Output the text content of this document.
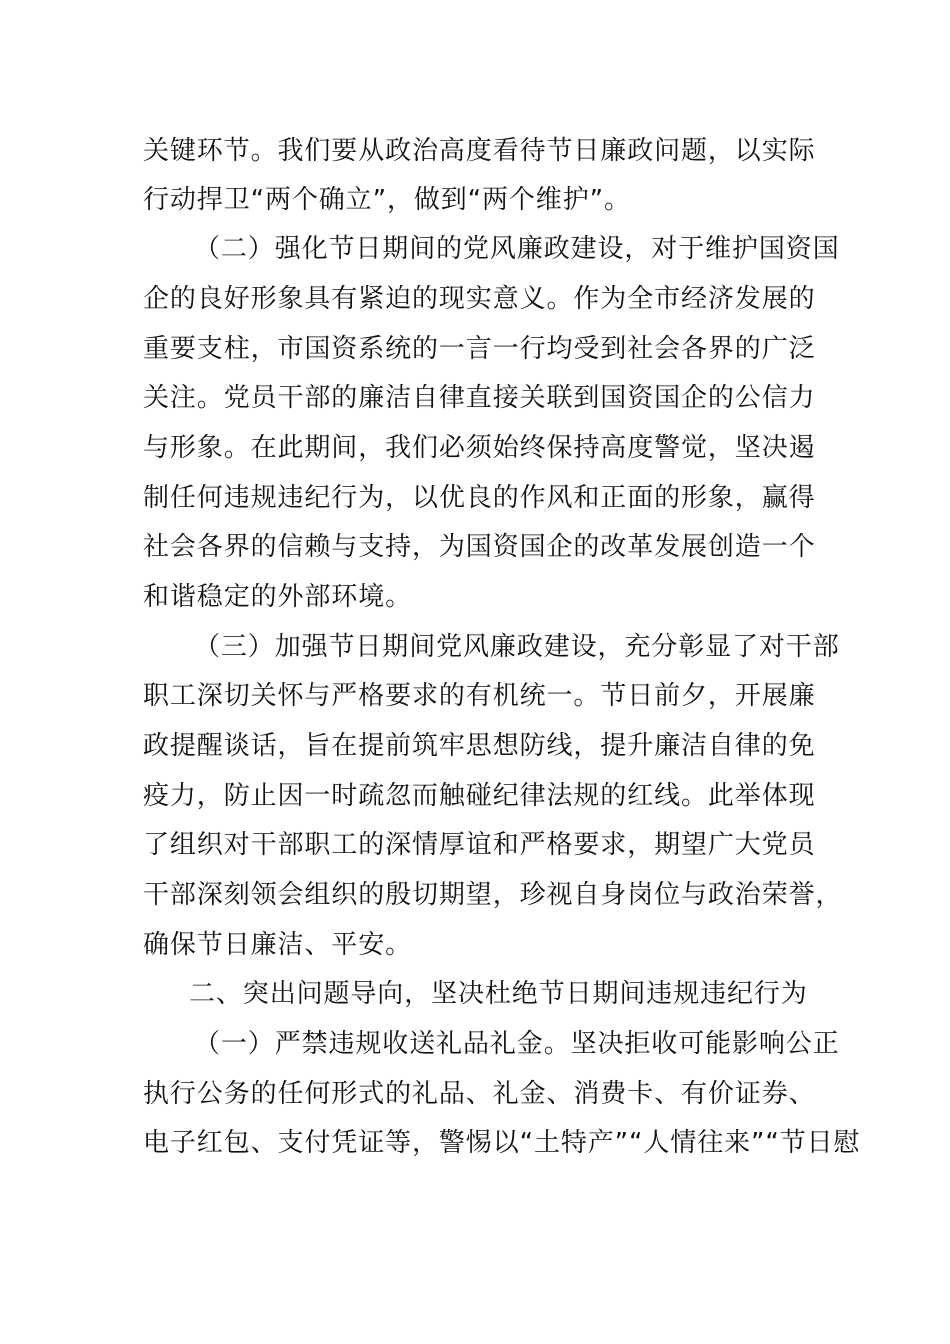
关键环节。我们要从政治高度看待节日廉政问题，以实际
行动捍卫“两个确立”，做到“两个维护”。
（二）强化节日期间的党风廉政建设，对于维护国资国
企的良好形象具有紧迫的现实意义。作为全市经济发展的
重要支柱，市国资系统的一言一行均受到社会各界的广泛
关注。党员干部的廉洁自律直接关联到国资国企的公信力
与形象。在此期间，我们必须始终保持高度警觉，坚决遏
制任何违规违纪行为，以优良的作风和正面的形象，赢得
社会各界的信赖与支持，为国资国企的改革发展创造一个
和谐稳定的外部环境。
（三）加强节日期间党风廉政建设，充分彰显了对干部
职工深切关怀与严格要求的有机统一。节日前夕，开展廉
政提醒谈话，旨在提前筑牢思想防线，提升廉洁自律的免
疫力，防止因一时疏忽而触碰纪律法规的红线。此举体现
了组织对干部职工的深情厚谊和严格要求，期望广大党员
干部深刻领会组织的殷切期望，珍视自身岗位与政治荣誉，
确保节日廉洁、平安。
二、突出问题导向，坚决杜绝节日期间违规违纪行为
（一）严禁违规收送礼品礼金。坚决拒收可能影响公正
执行公务的任何形式的礼品、礼金、消费卡、有价证券、
电子红包、支付凭证等，警惕以“土特产”“人情往来”“节日慰
